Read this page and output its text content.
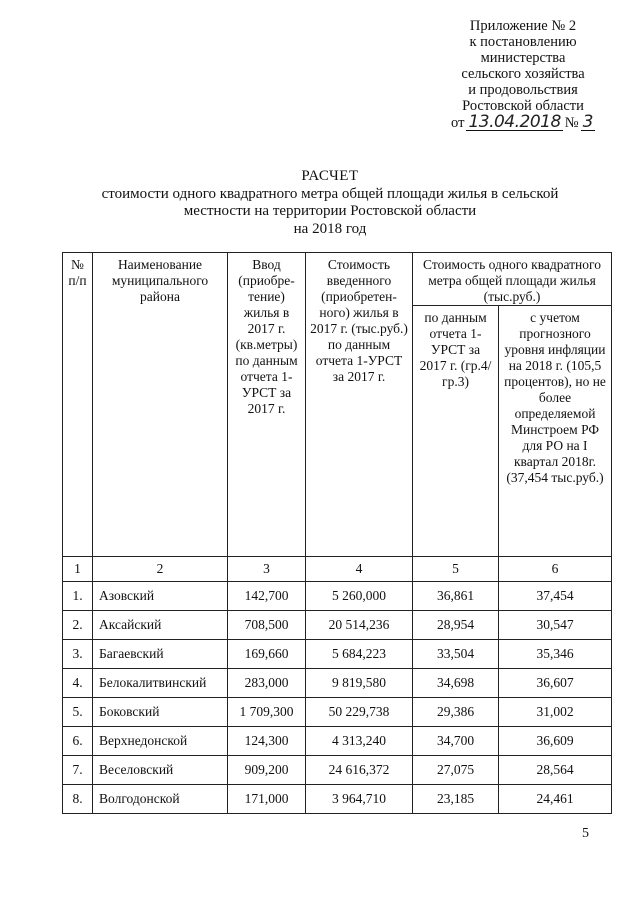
Приложение № 2
к постановлению
министерства
сельского хозяйства
и продовольствия
Ростовской области
от 13.04.2018 № 3
РАСЧЕТ
стоимости одного квадратного метра общей площади жилья в сельской
местности на территории Ростовской области
на 2018 год
№ п/п	Наименование муниципального района	Ввод (приобре-тение) жилья в 2017 г. (кв.метры) по данным отчета 1-УРСТ за 2017 г.	Стоимость введенного (приобретен-ного) жилья в 2017 г. (тыс.руб.) по данным отчета 1-УРСТ за 2017 г.	Стоимость одного квадратного метра общей площади жилья (тыс.руб.)	
				по данным отчета 1-УРСТ за 2017 г. (гр.4/гр.3)	с учетом прогнозного уровня инфляции на 2018 г. (105,5 процентов), но не более определяемой Минстроем РФ для РО на I квартал 2018г. (37,454 тыс.руб.)
1	2	3	4	5	6
1.	Азовский	142,700	5 260,000	36,861	37,454
2.	Аксайский	708,500	20 514,236	28,954	30,547
3.	Багаевский	169,660	5 684,223	33,504	35,346
4.	Белокалитвинский	283,000	9 819,580	34,698	36,607
5.	Боковский	1 709,300	50 229,738	29,386	31,002
6.	Верхнедонской	124,300	4 313,240	34,700	36,609
7.	Веселовский	909,200	24 616,372	27,075	28,564
8.	Волгодонской	171,000	3 964,710	23,185	24,461
5
